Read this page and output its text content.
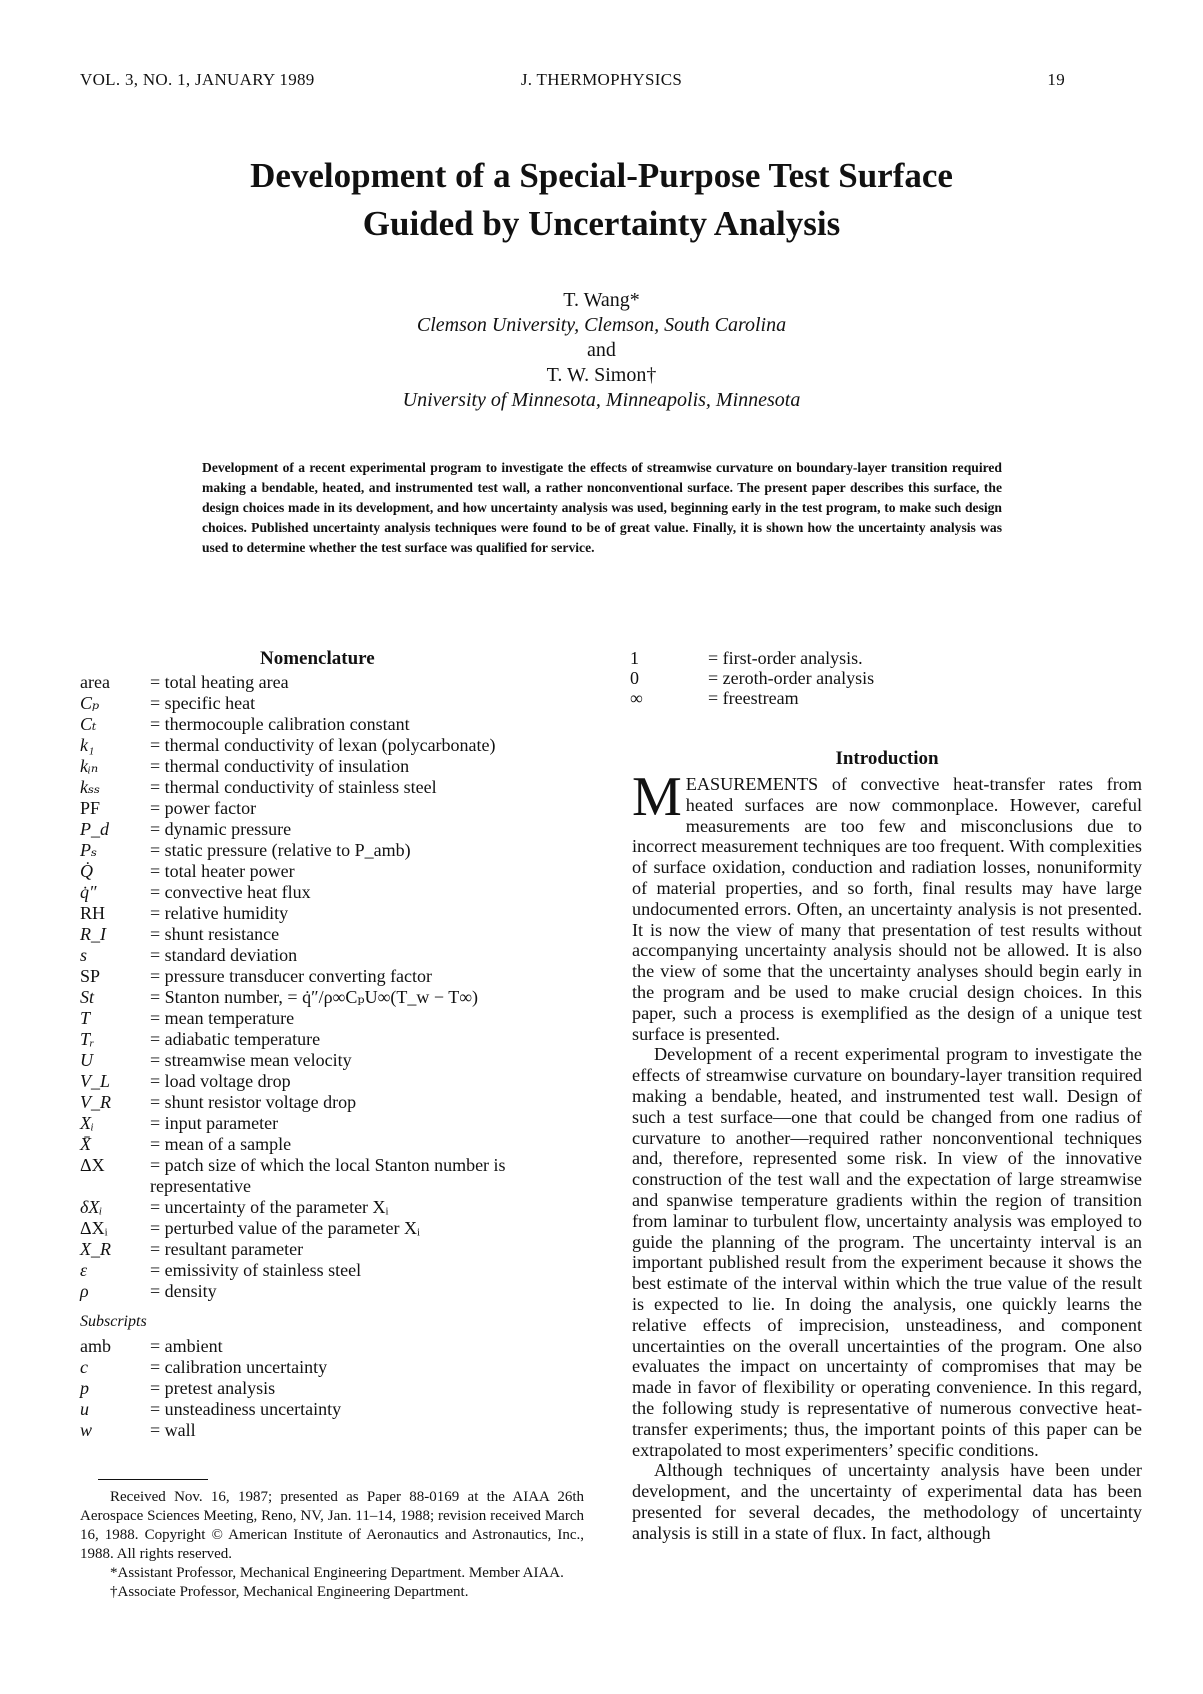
VOL. 3, NO. 1, JANUARY 1989	J. THERMOPHYSICS	19
Development of a Special-Purpose Test Surface
Guided by Uncertainty Analysis
T. Wang*
Clemson University, Clemson, South Carolina
and
T. W. Simon†
University of Minnesota, Minneapolis, Minnesota
Development of a recent experimental program to investigate the effects of streamwise curvature on boundary-layer transition required making a bendable, heated, and instrumented test wall, a rather nonconventional surface. The present paper describes this surface, the design choices made in its development, and how uncertainty analysis was used, beginning early in the test program, to make such design choices. Published uncertainty analysis techniques were found to be of great value. Finally, it is shown how the uncertainty analysis was used to determine whether the test surface was qualified for service.
Nomenclature
area	= total heating area
Cₚ	= specific heat
Cₜ	= thermocouple calibration constant
k₁	= thermal conductivity of lexan (polycarbonate)
kᵢₙ	= thermal conductivity of insulation
kₛₛ	= thermal conductivity of stainless steel
PF	= power factor
P_d	= dynamic pressure
Pₛ	= static pressure (relative to P_amb)
Q̇	= total heater power
q̇″	= convective heat flux
RH	= relative humidity
R_I	= shunt resistance
s	= standard deviation
SP	= pressure transducer converting factor
St	= Stanton number, = q̇″/ρ∞CₚU∞(T_w − T∞)
T	= mean temperature
Tᵣ	= adiabatic temperature
U	= streamwise mean velocity
V_L	= load voltage drop
V_R	= shunt resistor voltage drop
Xᵢ	= input parameter
X̄	= mean of a sample
ΔX	= patch size of which the local Stanton number is representative
δXᵢ	= uncertainty of the parameter Xᵢ
ΔXᵢ	= perturbed value of the parameter Xᵢ
X_R	= resultant parameter
ε	= emissivity of stainless steel
ρ	= density
Subscripts
amb	= ambient
c	= calibration uncertainty
p	= pretest analysis
u	= unsteadiness uncertainty
w	= wall
1	= first-order analysis.
0	= zeroth-order analysis
∞	= freestream

Received Nov. 16, 1987; presented as Paper 88-0169 at the AIAA 26th Aerospace Sciences Meeting, Reno, NV, Jan. 11–14, 1988; revision received March 16, 1988. Copyright © American Institute of Aeronautics and Astronautics, Inc., 1988. All rights reserved.

*Assistant Professor, Mechanical Engineering Department. Member AIAA.

†Associate Professor, Mechanical Engineering Department.

Introduction

MEASUREMENTS of convective heat-transfer rates from heated surfaces are now commonplace. However, careful measurements are too few and misconclusions due to incorrect measurement techniques are too frequent. With complexities of surface oxidation, conduction and radiation losses, nonuniformity of material properties, and so forth, final results may have large undocumented errors. Often, an uncertainty analysis is not presented. It is now the view of many that presentation of test results without accompanying uncertainty analysis should not be allowed. It is also the view of some that the uncertainty analyses should begin early in the program and be used to make crucial design choices. In this paper, such a process is exemplified as the design of a unique test surface is presented.

Development of a recent experimental program to investigate the effects of streamwise curvature on boundary-layer transition required making a bendable, heated, and instrumented test wall. Design of such a test surface—one that could be changed from one radius of curvature to another—required rather nonconventional techniques and, therefore, represented some risk. In view of the innovative construction of the test wall and the expectation of large streamwise and spanwise temperature gradients within the region of transition from laminar to turbulent flow, uncertainty analysis was employed to guide the planning of the program. The uncertainty interval is an important published result from the experiment because it shows the best estimate of the interval within which the true value of the result is expected to lie. In doing the analysis, one quickly learns the relative effects of imprecision, unsteadiness, and component uncertainties on the overall uncertainties of the program. One also evaluates the impact on uncertainty of compromises that may be made in favor of flexibility or operating convenience. In this regard, the following study is representative of numerous convective heat-transfer experiments; thus, the important points of this paper can be extrapolated to most experimenters’ specific conditions.

Although techniques of uncertainty analysis have been under development, and the uncertainty of experimental data has been presented for several decades, the methodology of uncertainty analysis is still in a state of flux. In fact, although
